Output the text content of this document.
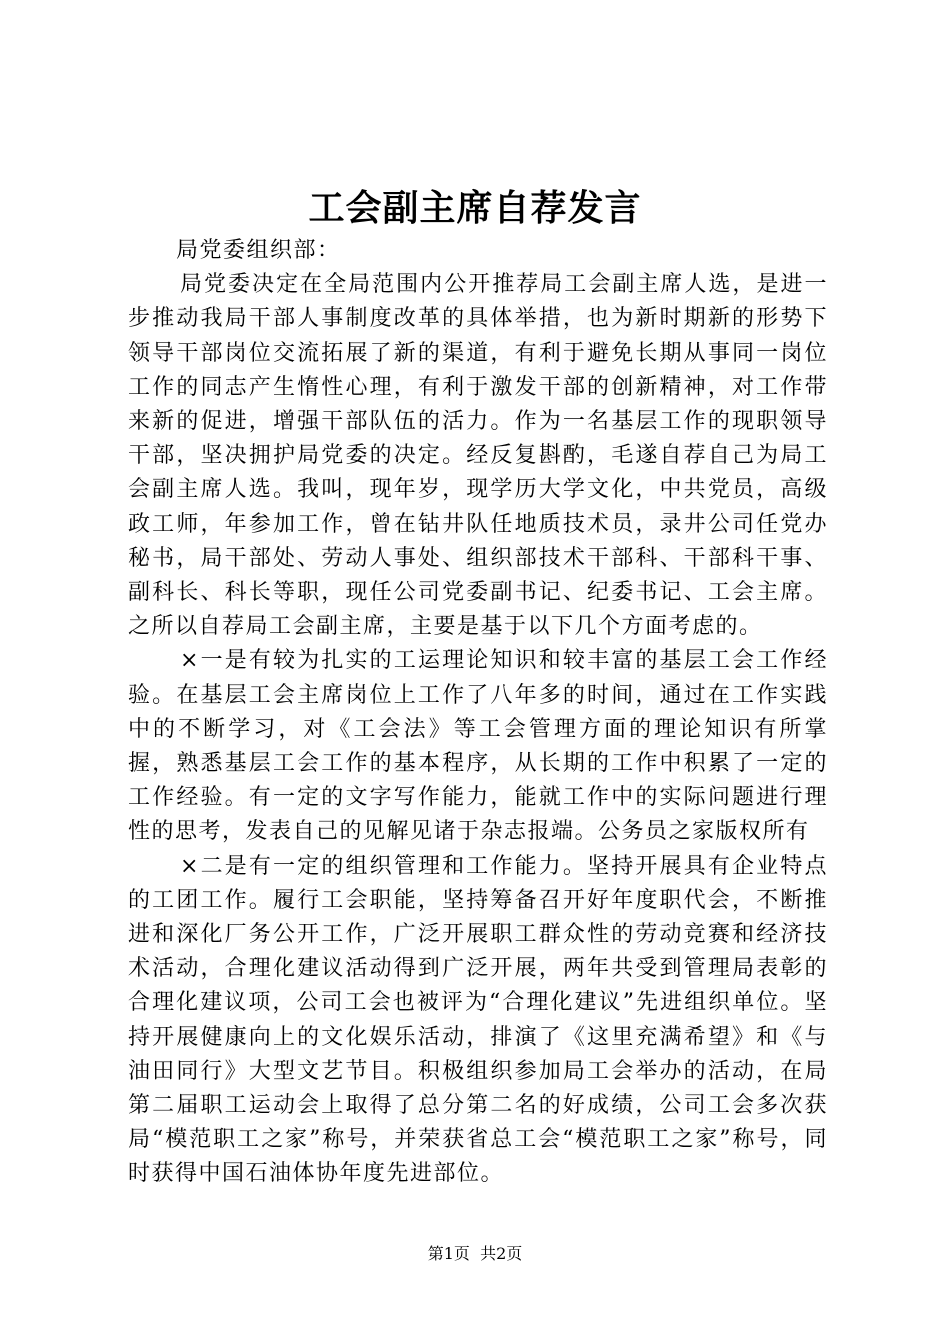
工会副主席自荐发言

局党委组织部：

局党委决定在全局范围内公开推荐局工会副主席人选，是进一步推动我局干部人事制度改革的具体举措，也为新时期新的形势下领导干部岗位交流拓展了新的渠道，有利于避免长期从事同一岗位工作的同志产生惰性心理，有利于激发干部的创新精神，对工作带来新的促进，增强干部队伍的活力。作为一名基层工作的现职领导干部，坚决拥护局党委的决定。经反复斟酌，毛遂自荐自己为局工会副主席人选。我叫，现年岁，现学历大学文化，中共党员，高级政工师，年参加工作，曾在钻井队任地质技术员，录井公司任党办秘书，局干部处、劳动人事处、组织部技术干部科、干部科干事、副科长、科长等职，现任公司党委副书记、纪委书记、工会主席。之所以自荐局工会副主席，主要是基于以下几个方面考虑的。

×一是有较为扎实的工运理论知识和较丰富的基层工会工作经验。在基层工会主席岗位上工作了八年多的时间，通过在工作实践中的不断学习，对《工会法》等工会管理方面的理论知识有所掌握，熟悉基层工会工作的基本程序，从长期的工作中积累了一定的工作经验。有一定的文字写作能力，能就工作中的实际问题进行理性的思考，发表自己的见解见诸于杂志报端。公务员之家版权所有

×二是有一定的组织管理和工作能力。坚持开展具有企业特点的工团工作。履行工会职能，坚持筹备召开好年度职代会，不断推进和深化厂务公开工作，广泛开展职工群众性的劳动竞赛和经济技术活动，合理化建议活动得到广泛开展，两年共受到管理局表彰的合理化建议项，公司工会也被评为“合理化建议”先进组织单位。坚持开展健康向上的文化娱乐活动，排演了《这里充满希望》和《与油田同行》大型文艺节目。积极组织参加局工会举办的活动，在局第二届职工运动会上取得了总分第二名的好成绩，公司工会多次获局“模范职工之家”称号，并荣获省总工会“模范职工之家”称号，同时获得中国石油体协年度先进部位。

第1页  共2页
